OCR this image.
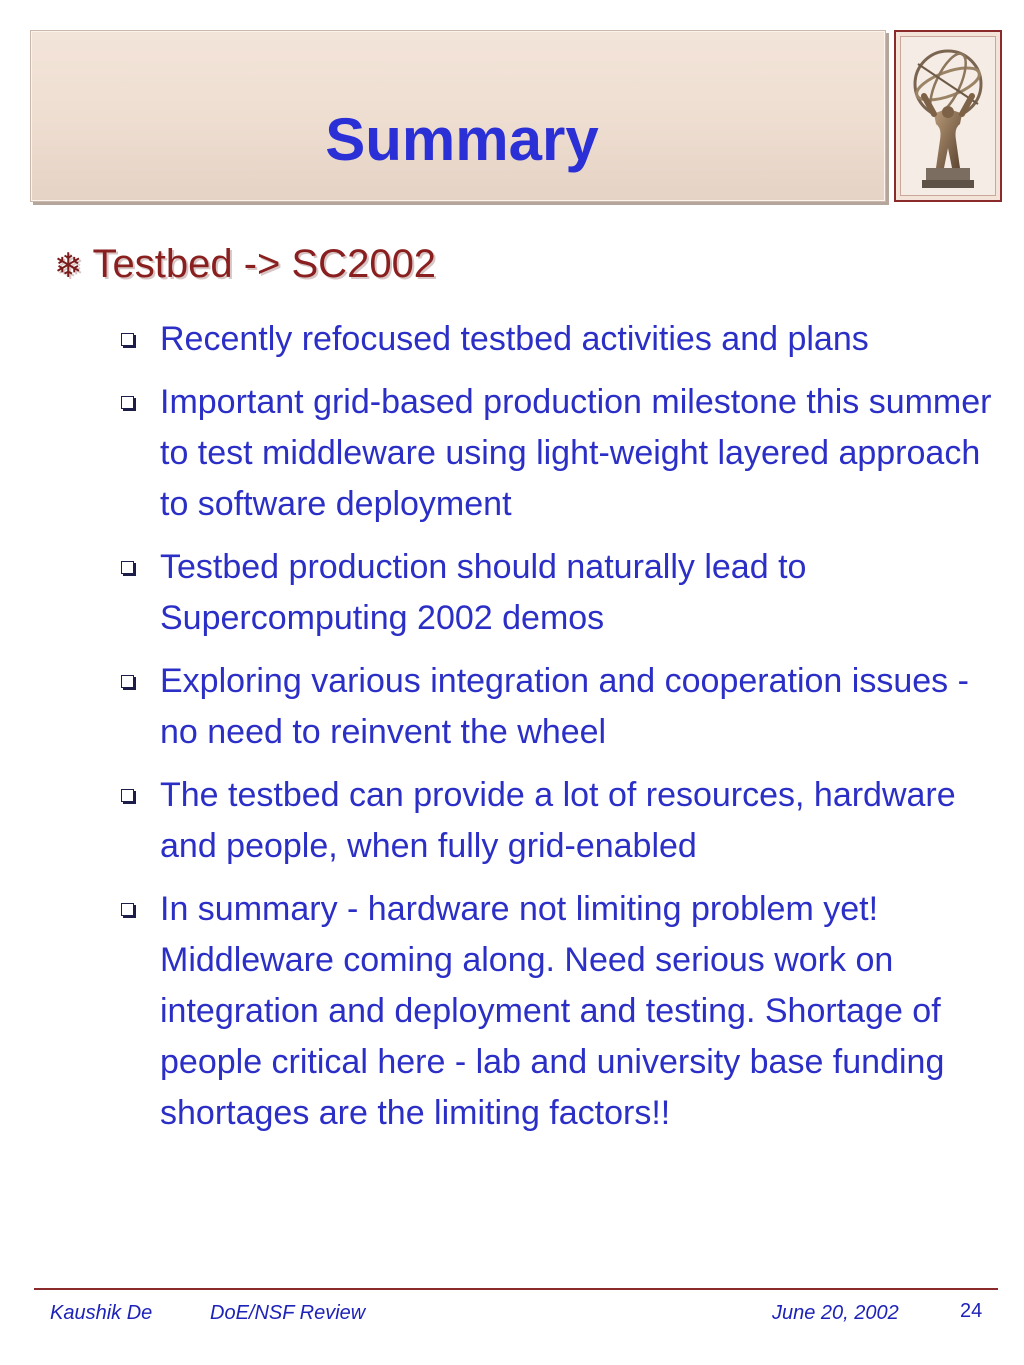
Summary
❄ Testbed -> SC2002
Recently refocused testbed activities and plans
Important grid-based production milestone this summer to test middleware using light-weight layered approach to software deployment
Testbed production should naturally lead to Supercomputing 2002 demos
Exploring various integration and cooperation issues - no need to reinvent the wheel
The testbed can provide a lot of resources, hardware and people, when fully grid-enabled
In summary - hardware not limiting problem yet! Middleware coming along. Need serious work on integration and deployment and testing. Shortage of people critical here - lab and university base funding shortages are the limiting factors!!
Kaushik De	DoE/NSF Review	June 20, 2002	24
